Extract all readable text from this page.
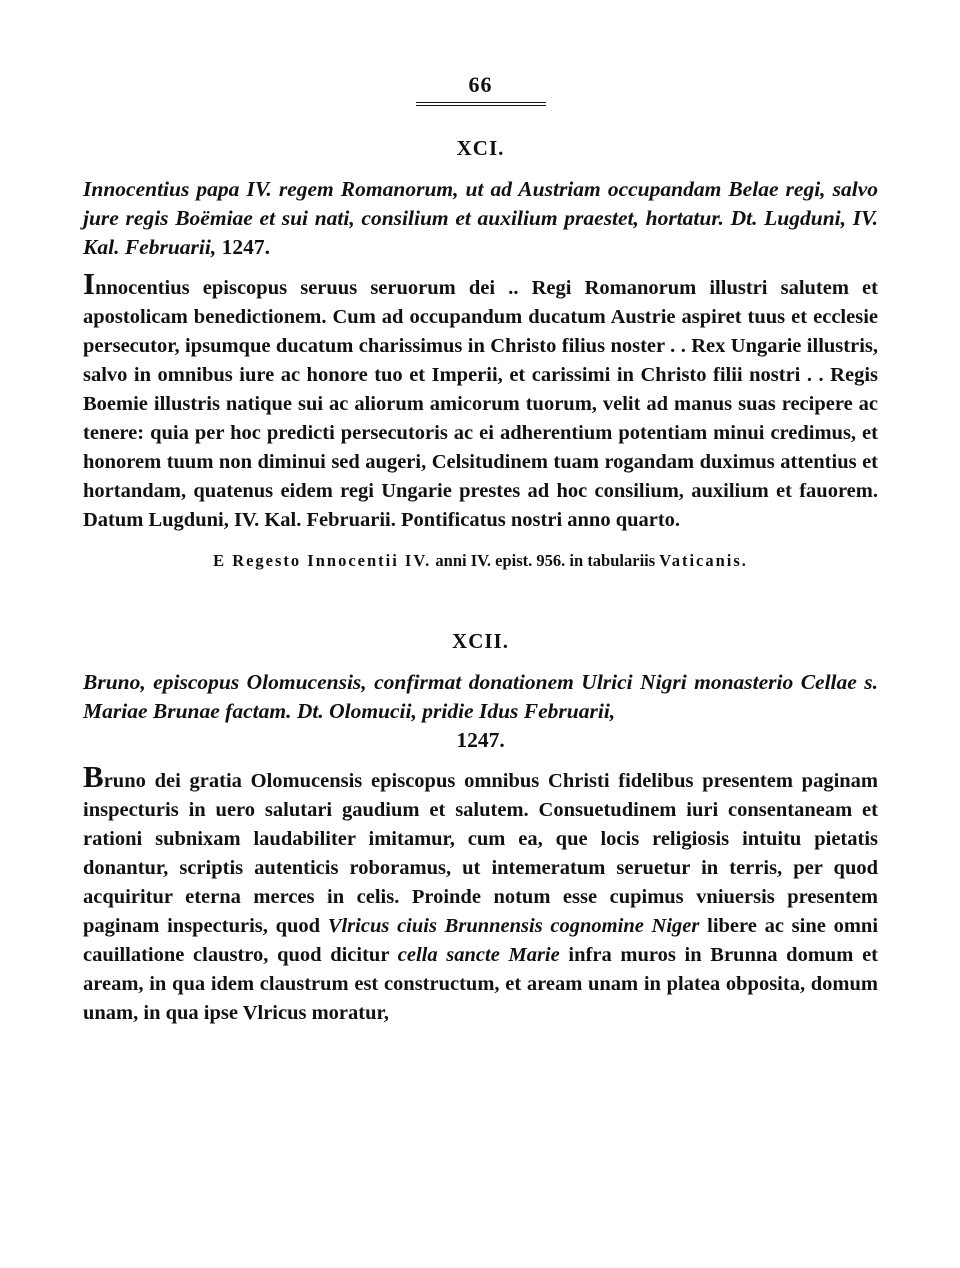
66
XCI.
Innocentius papa IV. regem Romanorum, ut ad Austriam occupandam Belae regi, salvo jure regis Boëmiae et sui nati, consilium et auxilium praestet, hortatur. Dt. Lugduni, IV. Kal. Februarii, 1247.
Innocentius episcopus seruus seruorum dei .. Regi Romanorum illustri salutem et apostolicam benedictionem. Cum ad occupandum ducatum Austrie aspiret tuus et ecclesie persecutor, ipsumque ducatum charissimus in Christo filius noster . . Rex Ungarie illustris, salvo in omnibus iure ac honore tuo et Imperii, et carissimi in Christo filii nostri . . Regis Boemie illustris natique sui ac aliorum amicorum tuorum, velit ad manus suas recipere ac tenere: quia per hoc predicti persecutoris ac ei adherentium potentiam minui credimus, et honorem tuum non diminui sed augeri, Celsitudinem tuam rogandam duximus attentius et hortandam, quatenus eidem regi Ungarie prestes ad hoc consilium, auxilium et fauorem. Datum Lugduni, IV. Kal. Februarii. Pontificatus nostri anno quarto.
E Regesto Innocentii IV. anni IV. epist. 956. in tabulariis Vaticanis.
XCII.
Bruno, episcopus Olomucensis, confirmat donationem Ulrici Nigri monasterio Cellae s. Mariae Brunae factam. Dt. Olomucii, pridie Idus Februarii,
1247.
Bruno dei gratia Olomucensis episcopus omnibus Christi fidelibus presentem paginam inspecturis in uero salutari gaudium et salutem. Consuetudinem iuri consentaneam et rationi subnixam laudabiliter imitamur, cum ea, que locis religiosis intuitu pietatis donantur, scriptis autenticis roboramus, ut intemeratum seruetur in terris, per quod acquiritur eterna merces in celis. Proinde notum esse cupimus vniuersis presentem paginam inspecturis, quod Vlricus ciuis Brunnensis cognomine Niger libere ac sine omni cauillatione claustro, quod dicitur cella sancte Marie infra muros in Brunna domum et aream, in qua idem claustrum est constructum, et aream unam in platea obposita, domum unam, in qua ipse Vlricus moratur,
